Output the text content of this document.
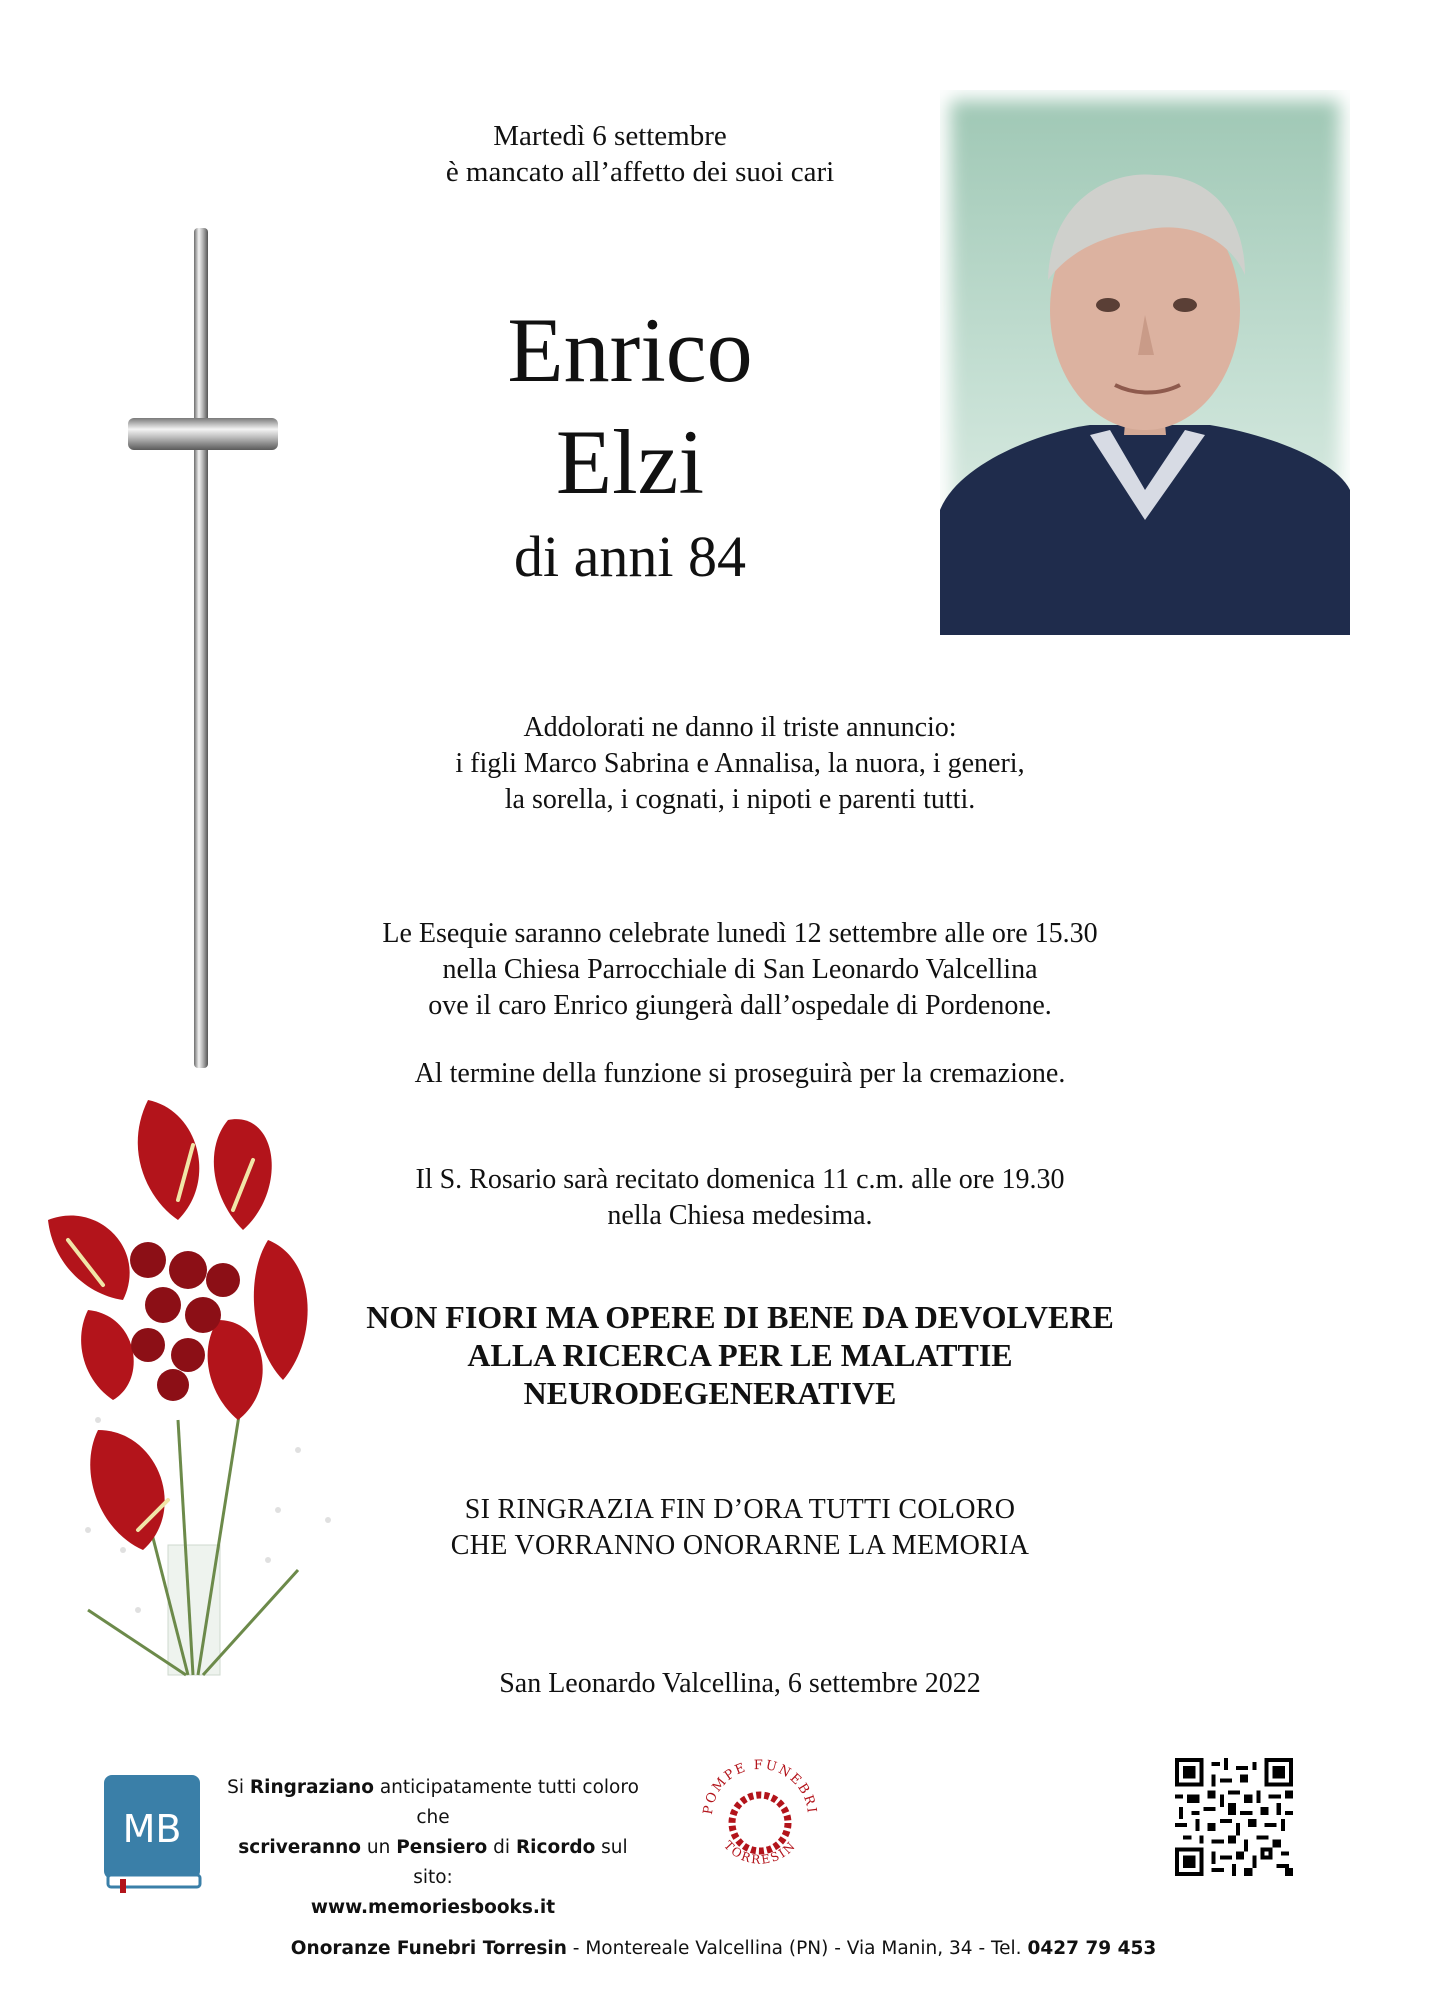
Martedì 6 settembre
è mancato all’affetto dei suoi cari
Enrico
Elzi
di anni 84
Addolorati ne danno il triste annuncio:
i figli Marco Sabrina e Annalisa, la nuora, i generi,
la sorella, i cognati, i nipoti e parenti tutti.
Le Esequie saranno celebrate lunedì 12 settembre alle ore 15.30
nella Chiesa Parrocchiale di San Leonardo Valcellina
ove il caro Enrico giungerà dall’ospedale di Pordenone.
Al termine della funzione si proseguirà per la cremazione.
Il S. Rosario sarà recitato domenica 11 c.m. alle ore 19.30
nella Chiesa medesima.
NON FIORI MA OPERE DI BENE DA DEVOLVERE
ALLA RICERCA PER LE MALATTIE
NEURODEGENERATIVE
SI RINGRAZIA FIN D’ORA TUTTI COLORO
CHE VORRANNO ONORARNE LA MEMORIA
San Leonardo Valcellina, 6 settembre 2022
MB
Si Ringraziano anticipatamente tutti coloro che
scriveranno un Pensiero di Ricordo sul sito:
www.memoriesbooks.it
POMPE FUNEBRI
TORRESIN
Onoranze Funebri Torresin - Montereale Valcellina (PN) - Via Manin, 34 - Tel. 0427 79 453
